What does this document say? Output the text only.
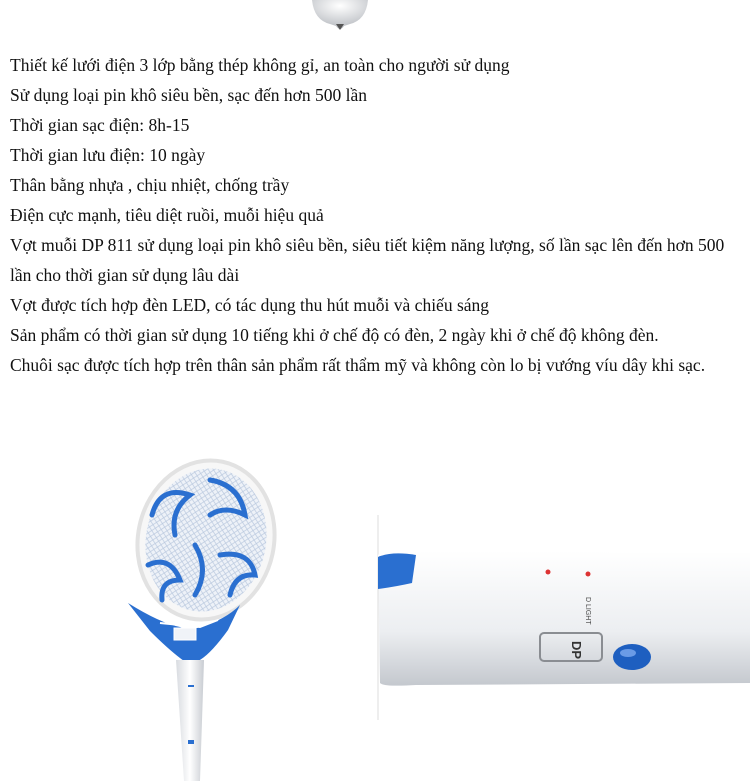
Thiết kế lưới điện 3 lớp bằng thép không gỉ, an toàn cho người sử dụng
Sử dụng loại pin khô siêu bền, sạc đến hơn 500 lần
Thời gian sạc điện: 8h-15
Thời gian lưu điện: 10 ngày
Thân bằng nhựa , chịu nhiệt, chống trầy
Điện cực mạnh, tiêu diệt ruồi, muỗi hiệu quả
Vợt muỗi DP 811 sử dụng loại pin khô siêu bền, siêu tiết kiệm năng lượng, số lần sạc lên đến hơn 500 lần cho thời gian sử dụng lâu dài
Vợt được tích hợp đèn LED, có tác dụng thu hút muỗi và chiếu sáng
Sản phẩm có thời gian sử dụng 10 tiếng khi ở chế độ có đèn, 2 ngày khi ở chế độ không đèn.
Chuôi sạc được tích hợp trên thân sản phẩm rất thẩm mỹ và không còn lo bị vướng víu dây khi sạc.
DP
D LIGHT
